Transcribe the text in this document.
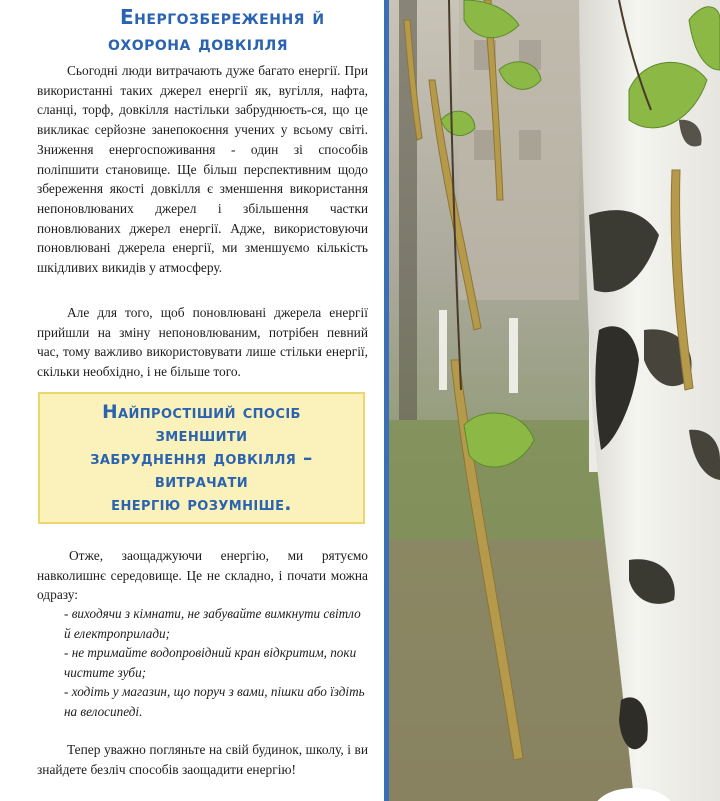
Енергозбереження й
охорона довкілля

Сьогодні люди витрачають дуже багато енергії. При використанні таких джерел енергії як, вугілля, нафта, сланці, торф, довкілля настільки забруднюєть-ся, що це викликає серйозне занепокоєння учених у всьому світі. Зниження енергоспоживання - один зі способів поліпшити становище. Ще більш перспективним щодо збереження якості довкілля є зменшення використання непоновлюваних джерел і збільшення частки поновлюваних джерел енергії. Адже, використовуючи поновлювані джерела енергії, ми зменшуємо кількість шкідливих викидів у атмосферу.

Але для того, щоб поновлювані джерела енергії прийшли на зміну непоновлюваним, потрібен певний час, тому важливо використовувати лише стільки енергії, скільки необхідно, і не більше того.

Найпростіший спосіб
зменшити
забруднення довкілля –
витрачати
енергію розумніше.

Отже, заощаджуючи енергію, ми рятуємо навколишнє середовище. Це не складно, і почати можна одразу:

- виходячи з кімнати, не забувайте вимкнути світло й електроприлади;
- не тримайте водопровідний кран відкритим, поки чистите зуби;
- ходіть у магазин, що поруч з вами, пішки або їздіть на велосипеді.

Тепер уважно погляньте на свій будинок, школу, і ви знайдете безліч способів заощадити енергію!
